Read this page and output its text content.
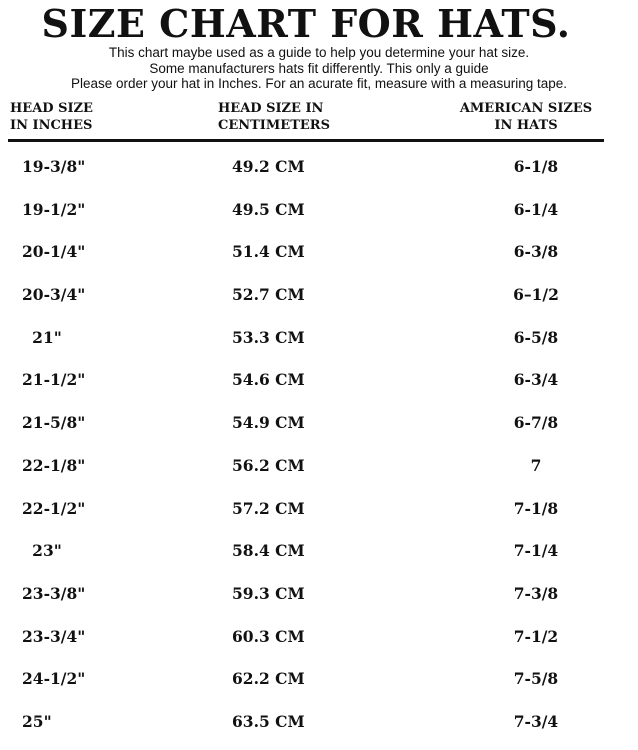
SIZE CHART FOR HATS.
This chart maybe used as a guide to help you determine your hat size.
Some manufacturers hats fit differently. This only a guide
Please order your hat in Inches. For an acurate fit, measure with a measuring tape.
HEAD SIZE
IN INCHES
HEAD SIZE IN
CENTIMETERS
AMERICAN SIZES
IN HATS
19-3/8"	49.2 CM	6-1/8
19-1/2"	49.5 CM	6-1/4
20-1/4"	51.4 CM	6-3/8
20-3/4"	52.7 CM	6–1/2
21"	53.3 CM	6-5/8
21-1/2"	54.6 CM	6-3/4
21-5/8"	54.9 CM	6-7/8
22-1/8"	56.2 CM	7
22-1/2"	57.2 CM	7-1/8
23"	58.4 CM	7-1/4
23-3/8"	59.3 CM	7-3/8
23-3/4"	60.3 CM	7-1/2
24-1/2"	62.2 CM	7-5/8
25"	63.5 CM	7-3/4
